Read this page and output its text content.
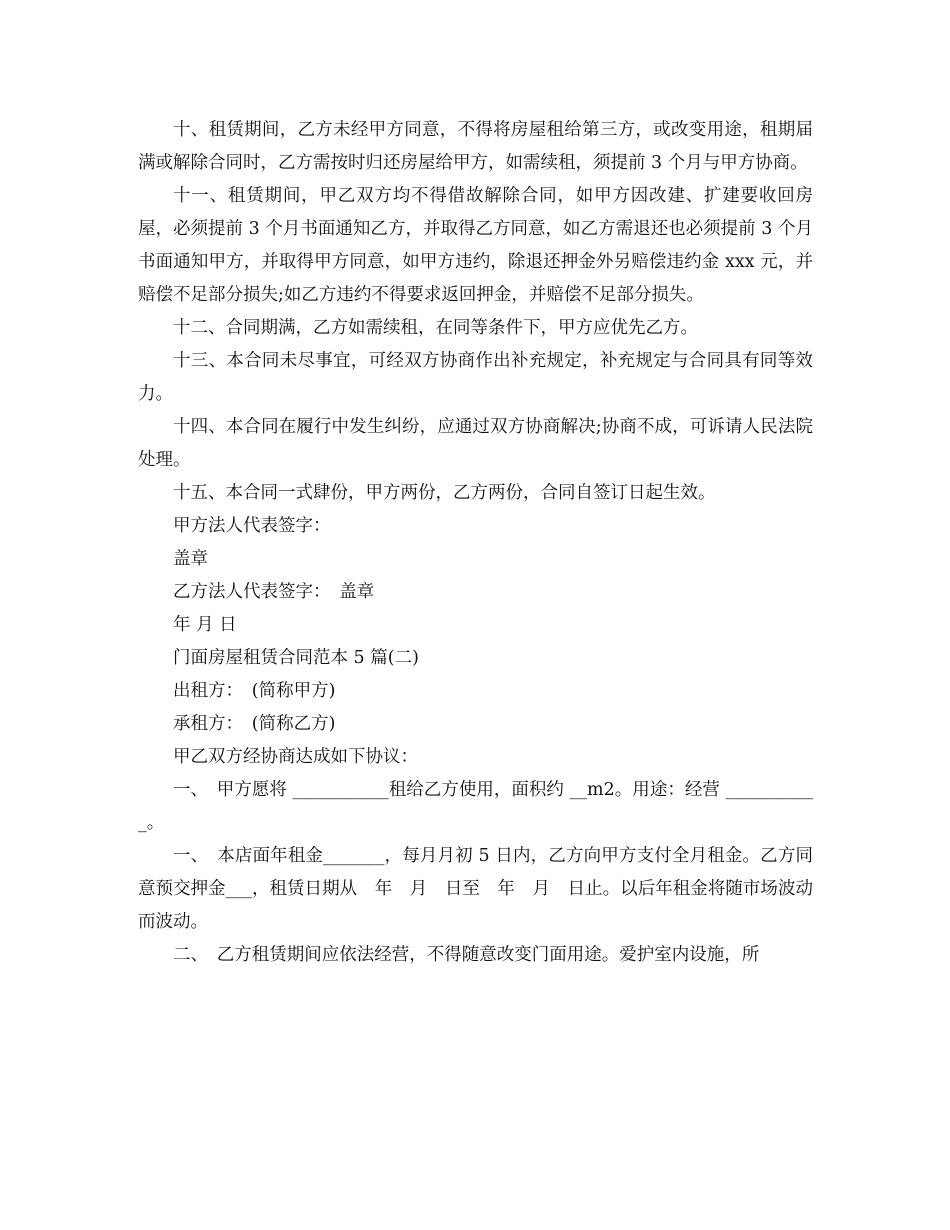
十、租赁期间，乙方未经甲方同意，不得将房屋租给第三方，或改变用途，租期届满或解除合同时，乙方需按时归还房屋给甲方，如需续租，须提前 3 个月与甲方协商。

十一、租赁期间，甲乙双方均不得借故解除合同，如甲方因改建、扩建要收回房屋，必须提前 3 个月书面通知乙方，并取得乙方同意，如乙方需退还也必须提前 3 个月书面通知甲方，并取得甲方同意，如甲方违约，除退还押金外另赔偿违约金 xxx 元，并赔偿不足部分损失;如乙方违约不得要求返回押金，并赔偿不足部分损失。

十二、合同期满，乙方如需续租，在同等条件下，甲方应优先乙方。

十三、本合同未尽事宜，可经双方协商作出补充规定，补充规定与合同具有同等效力。

十四、本合同在履行中发生纠纷，应通过双方协商解决;协商不成，可诉请人民法院处理。

十五、本合同一式肆份，甲方两份，乙方两份，合同自签订日起生效。

甲方法人代表签字：

盖章

乙方法人代表签字：　盖章

年 月 日

门面房屋租赁合同范本 5 篇(二)

出租方：　(简称甲方)

承租方：　(简称乙方)

甲乙双方经协商达成如下协议：

一、　甲方愿将 ___________租给乙方使用，面积约 __m2。用途：经营 ___________。

一、　本店面年租金_______，每月月初 5 日内，乙方向甲方支付全月租金。乙方同意预交押金___，租赁日期从　年　月　日至　年　月　日止。以后年租金将随市场波动而波动。

二、　乙方租赁期间应依法经营，不得随意改变门面用途。爱护室内设施，所
